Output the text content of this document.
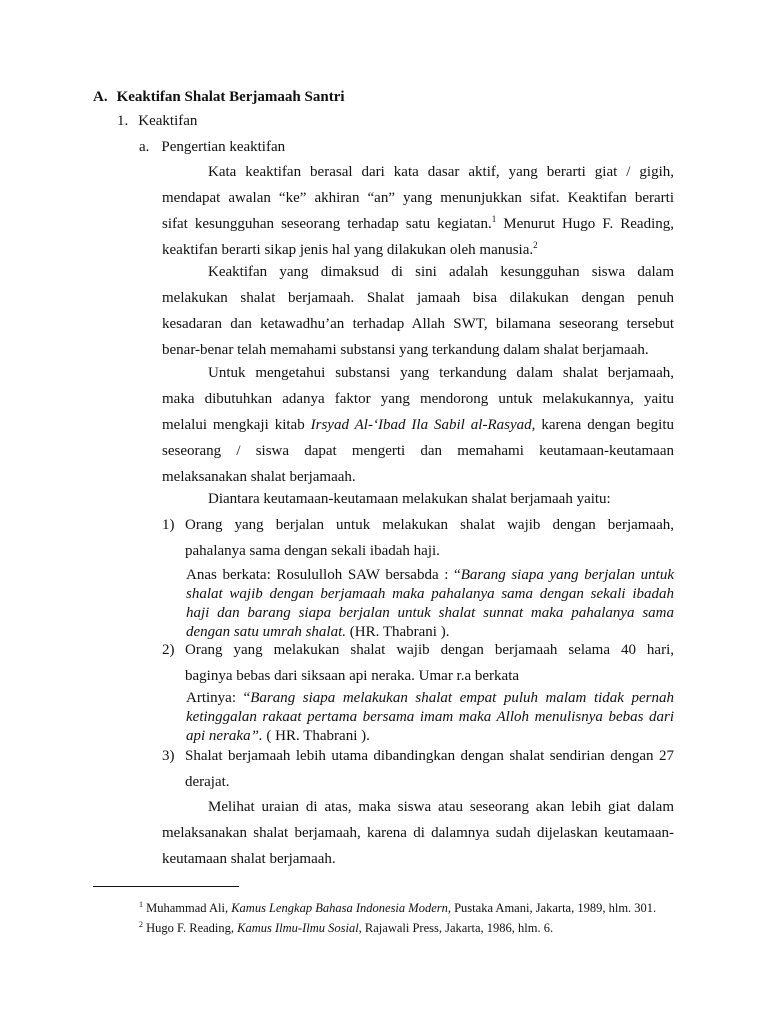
A. Keaktifan Shalat Berjamaah Santri
1. Keaktifan
a. Pengertian keaktifan
Kata keaktifan berasal dari kata dasar aktif, yang berarti giat / gigih,
mendapat awalan “ke” akhiran “an” yang menunjukkan sifat. Keaktifan berarti
sifat kesungguhan seseorang terhadap satu kegiatan.$^1$ Menurut Hugo F. Reading,
keaktifan berarti sikap jenis hal yang dilakukan oleh manusia.$^2$
Keaktifan yang dimaksud di sini adalah kesungguhan siswa dalam
melakukan shalat berjamaah. Shalat jamaah bisa dilakukan dengan penuh
kesadaran dan ketawadhu’an terhadap Allah SWT, bilamana seseorang tersebut
benar-benar telah memahami substansi yang terkandung dalam shalat berjamaah.
Untuk mengetahui substansi yang terkandung dalam shalat berjamaah,
maka dibutuhkan adanya faktor yang mendorong untuk melakukannya, yaitu
melalui mengkaji kitab Irsyad Al-‘Ibad Ila Sabil al-Rasyad, karena dengan begitu
seseorang / siswa dapat mengerti dan memahami keutamaan-keutamaan
melaksanakan shalat berjamaah.
Diantara keutamaan-keutamaan melakukan shalat berjamaah yaitu:
1) Orang yang berjalan untuk melakukan shalat wajib dengan berjamaah,
pahalanya sama dengan sekali ibadah haji.
Anas berkata: Rosululloh SAW bersabda : “Barang siapa yang berjalan untuk
shalat wajib dengan berjamaah maka pahalanya sama dengan sekali ibadah
haji dan barang siapa berjalan untuk shalat sunnat maka pahalanya sama
dengan satu umrah shalat. (HR. Thabrani ).
2) Orang yang melakukan shalat wajib dengan berjamaah selama 40 hari,
baginya bebas dari siksaan api neraka. Umar r.a berkata
Artinya: “Barang siapa melakukan shalat empat puluh malam tidak pernah
ketinggalan rakaat pertama bersama imam maka Alloh menulisnya bebas dari
api neraka”. ( HR. Thabrani ).
3) Shalat berjamaah lebih utama dibandingkan dengan shalat sendirian dengan 27
derajat.
Melihat uraian di atas, maka siswa atau seseorang akan lebih giat dalam
melaksanakan shalat berjamaah, karena di dalamnya sudah dijelaskan keutamaan-
keutamaan shalat berjamaah.
$^1$ Muhammad Ali, Kamus Lengkap Bahasa Indonesia Modern, Pustaka Amani, Jakarta, 1989, hlm. 301.
$^2$ Hugo F. Reading, Kamus Ilmu-Ilmu Sosial, Rajawali Press, Jakarta, 1986, hlm. 6.
